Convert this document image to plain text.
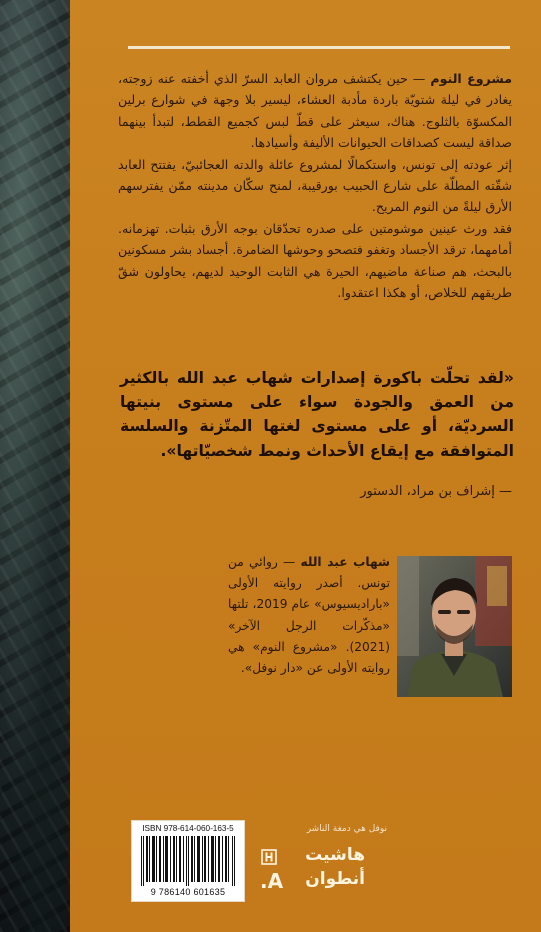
مشروع النوم — حين يكتشف مروان العابد السرّ الذي أخفته عنه زوجته، يغادر في ليلة شتويّة باردة مأدبة العشاء، ليسير بلا وجهة في شوارع برلين المكسوّة بالثلوج. هناك، سيعثر على قطّ لبس كجميع القطط، لتبدأ بينهما صداقة ليست كصداقات الحيوانات الأليفة وأسيادها.

إثر عودته إلى تونس، واستكمالًا لمشروع عائلة والدته العجائبيّ، يفتتح العابد شقّته المطلّة على شارع الحبيب بورقيبة، لمنح سكّان مدينته ممّن يفترسهم الأرق ليلةً من النوم المريح.

فقد ورث عينين موشومتين على صدره تحدّقان بوجه الأرق بثبات. تهزمانه. أمامهما، ترقد الأجساد وتغفو فتصحو وحوشها الضامرة. أجساد بشر مسكونين بالبحث، هم صناعة ماضيهم، الحيرة هي الثابت الوحيد لديهم، يحاولون شقّ طريقهم للخلاص، أو هكذا اعتقدوا.

«لقد تحلّت باكورة إصدارات شهاب عبد الله بالكثير من العمق والجودة سواء على مستوى بنيتها السرديّة، أو على مستوى لغتها المتّزنة والسلسة المتوافقة مع إيقاع الأحداث ونمط شخصيّاتها».
— إشراف بن مراد، الدستور
شهاب عبد الله — روائي من تونس. أصدر روايته الأولى «باراديسيوس» عام 2019، تلتها «مذكّرات الرجل الآخر» (2021). «مشروع النوم» هي روايته الأولى عن «دار نوفل».
ISBN 978-614-060-163-5
9 786140 601635
نوفل هي دمغة الناشر
هاشيت
أنطوان
A.
